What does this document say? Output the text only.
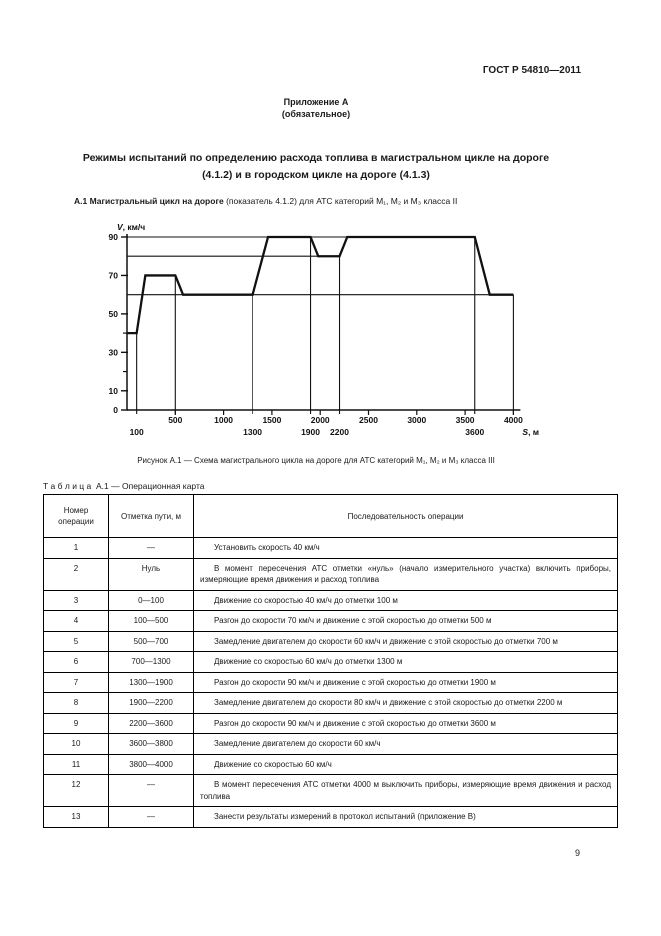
ГОСТ Р 54810—2011
Приложение А
(обязательное)
Режимы испытаний по определению расхода топлива в магистральном цикле на дороге
(4.1.2) и в городском цикле на дороге (4.1.3)
А.1 Магистральный цикл на дороге (показатель 4.1.2) для АТС категорий М₁, М₂ и М₃ класса II
0
10
30
50
70
90
500	1000	1500	2000	2500	3000	3500	4000
100	1300	1900 2200	3600
V, км/ч
S, м
Рисунок А.1 — Схема магистрального цикла на дороге для АТС категорий М₁, М₂ и М₃ класса III
Т а б л и ц а А.1 — Операционная карта
Номер операции	Отметка пути, м	Последовательность операции
1	—	Установить скорость 40 км/ч
2	Нуль	В момент пересечения АТС отметки «нуль» (начало измерительного участка) включить приборы, измеряющие время движения и расход топлива
3	0—100	Движение со скоростью 40 км/ч до отметки 100 м
4	100—500	Разгон до скорости 70 км/ч и движение с этой скоростью до отметки 500 м
5	500—700	Замедление двигателем до скорости 60 км/ч и движение с этой скоростью до отметки 700 м
6	700—1300	Движение со скоростью 60 км/ч до отметки 1300 м
7	1300—1900	Разгон до скорости 90 км/ч и движение с этой скоростью до отметки 1900 м
8	1900—2200	Замедление двигателем до скорости 80 км/ч и движение с этой скоростью до отметки 2200 м
9	2200—3600	Разгон до скорости 90 км/ч и движение с этой скоростью до отметки 3600 м
10	3600—3800	Замедление двигателем до скорости 60 км/ч
11	3800—4000	Движение со скоростью 60 км/ч
12	—	В момент пересечения АТС отметки 4000 м выключить приборы, измеряющие время движения и расход топлива
13	—	Занести результаты измерений в протокол испытаний (приложение В)
9
